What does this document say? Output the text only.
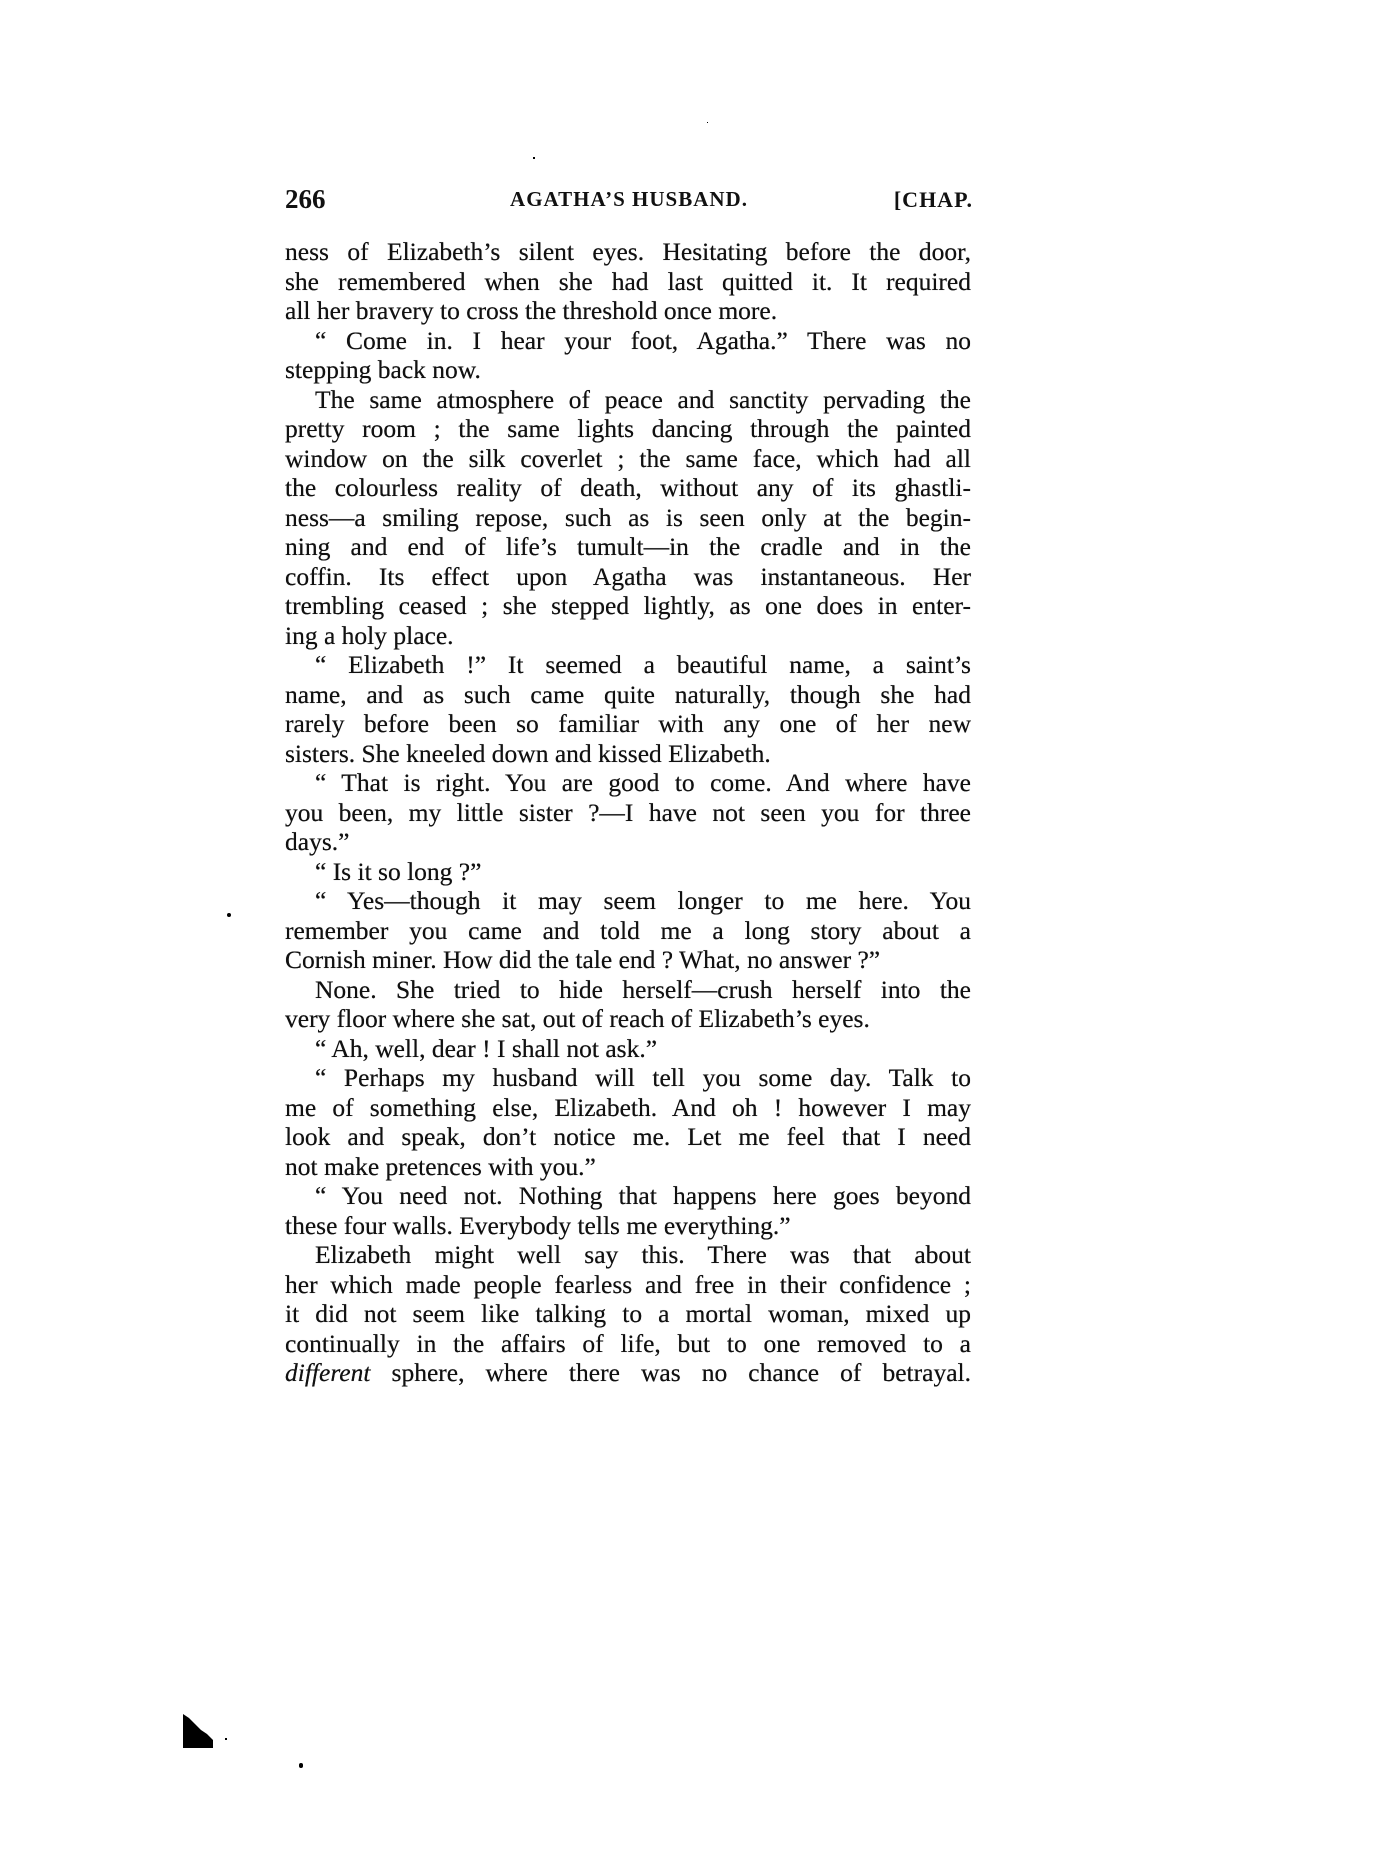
266	AGATHA’S HUSBAND.	[CHAP.
ness of Elizabeth’s silent eyes. Hesitating before the door,
she remembered when she had last quitted it. It required
all her bravery to cross the threshold once more.
“ Come in. I hear your foot, Agatha.” There was no
stepping back now.
The same atmosphere of peace and sanctity pervading the
pretty room ; the same lights dancing through the painted
window on the silk coverlet ; the same face, which had all
the colourless reality of death, without any of its ghastli-
ness—a smiling repose, such as is seen only at the begin-
ning and end of life’s tumult—in the cradle and in the
coffin. Its effect upon Agatha was instantaneous. Her
trembling ceased ; she stepped lightly, as one does in enter-
ing a holy place.
“ Elizabeth !” It seemed a beautiful name, a saint’s
name, and as such came quite naturally, though she had
rarely before been so familiar with any one of her new
sisters. She kneeled down and kissed Elizabeth.
“ That is right. You are good to come. And where have
you been, my little sister ?—I have not seen you for three
days.”
“ Is it so long ?”
“ Yes—though it may seem longer to me here. You
remember you came and told me a long story about a
Cornish miner. How did the tale end ? What, no answer ?”
None. She tried to hide herself—crush herself into the
very floor where she sat, out of reach of Elizabeth’s eyes.
“ Ah, well, dear ! I shall not ask.”
“ Perhaps my husband will tell you some day. Talk to
me of something else, Elizabeth. And oh ! however I may
look and speak, don’t notice me. Let me feel that I need
not make pretences with you.”
“ You need not. Nothing that happens here goes beyond
these four walls. Everybody tells me everything.”
Elizabeth might well say this. There was that about
her which made people fearless and free in their confidence ;
it did not seem like talking to a mortal woman, mixed up
continually in the affairs of life, but to one removed to a
different sphere, where there was no chance of betrayal.
